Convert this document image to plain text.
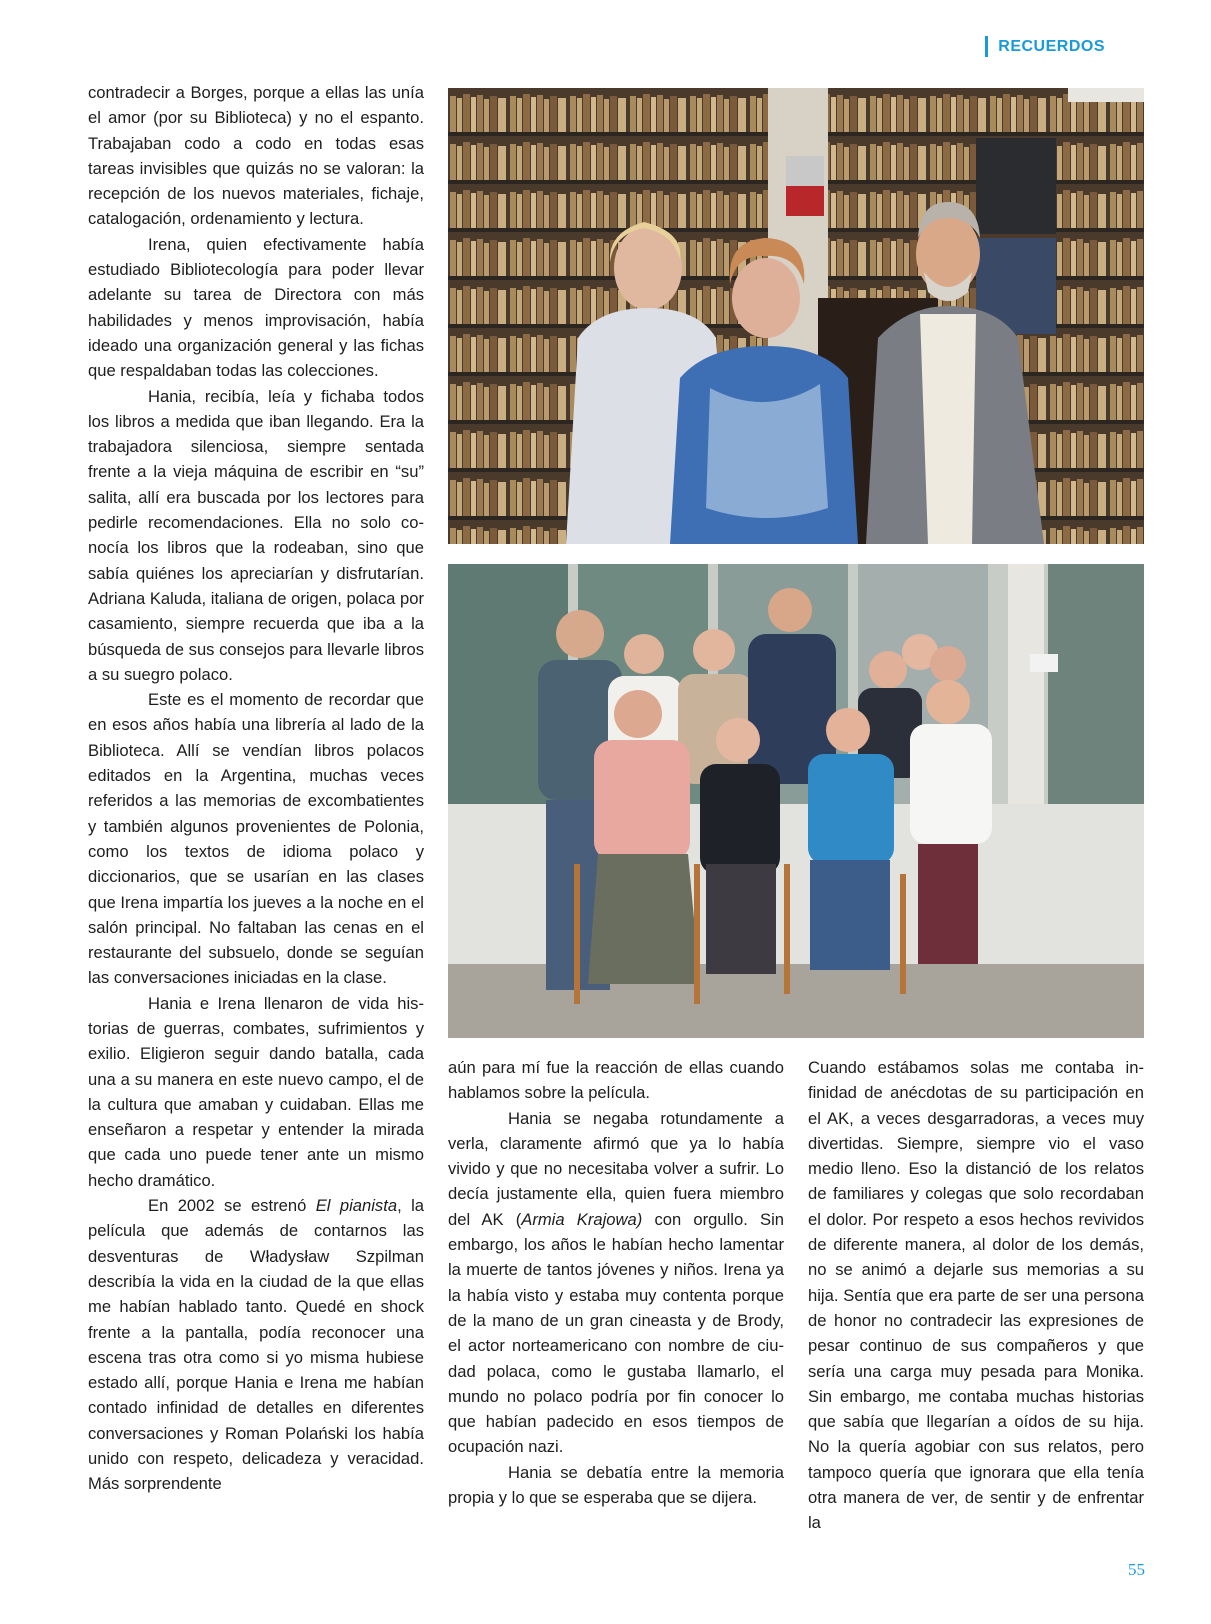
RECUERDOS

contradecir a Borges, porque a ellas las unía el amor (por su Biblioteca) y no el espanto. Trabajaban codo a codo en todas esas tareas invisibles que quizás no se valoran: la recepción de los nuevos materiales, fichaje, catalogación, ordenamiento y lectura.

Irena, quien efectivamente había estudiado Bibliotecología para poder llevar adelante su tarea de Directora con más habilidades y menos improvisación, había ideado una organización general y las fichas que respaldaban todas las colecciones.

Hania, recibía, leía y fichaba todos los libros a medida que iban llegando. Era la trabajadora silenciosa, siempre sentada frente a la vieja máquina de escribir en “su” salita, allí era buscada por los lectores para pedirle recomendaciones. Ella no solo conocía los libros que la rodeaban, sino que sabía quiénes los apreciarían y disfrutarían. Adriana Kaluda, italiana de origen, polaca por casamiento, siempre recuerda que iba a la búsqueda de sus consejos para llevarle libros a su suegro polaco.

Este es el momento de recordar que en esos años había una librería al lado de la Biblioteca. Allí se vendían libros polacos editados en la Argentina, muchas veces referidos a las memorias de excombatientes y también algunos provenientes de Polonia, como los textos de idioma polaco y diccionarios, que se usarían en las clases que Irena impartía los jueves a la noche en el salón principal. No faltaban las cenas en el restaurante del subsuelo, donde se seguían las conversaciones iniciadas en la clase.

Hania e Irena llenaron de vida historias de guerras, combates, sufrimientos y exilio. Eligieron seguir dando batalla, cada una a su manera en este nuevo campo, el de la cultura que amaban y cuidaban. Ellas me enseñaron a respetar y entender la mirada que cada uno puede tener ante un mismo hecho dramático.

En 2002 se estrenó El pianista, la película que además de contarnos las desventuras de Władysław Szpilman describía la vida en la ciudad de la que ellas me habían hablado tanto. Quedé en shock frente a la pantalla, podía reconocer una escena tras otra como si yo misma hubiese estado allí, porque Hania e Irena me habían contado infinidad de detalles en diferentes conversaciones y Roman Polański los había unido con respeto, delicadeza y veracidad. Más sorprendente

aún para mí fue la reacción de ellas cuando hablamos sobre la película.

Hania se negaba rotundamente a verla, claramente afirmó que ya lo había vivido y que no necesitaba volver a sufrir. Lo decía justamente ella, quien fuera miembro del AK (Armia Krajowa) con orgullo. Sin embargo, los años le habían hecho lamentar la muerte de tantos jóvenes y niños. Irena ya la había visto y estaba muy contenta porque de la mano de un gran cineasta y de Brody, el actor norteamericano con nombre de ciudad polaca, como le gustaba llamarlo, el mundo no polaco podría por fin conocer lo que habían padecido en esos tiempos de ocupación nazi.

Hania se debatía entre la memoria propia y lo que se esperaba que se dijera.

Cuando estábamos solas me contaba infinidad de anécdotas de su participación en el AK, a veces desgarradoras, a veces muy divertidas. Siempre, siempre vio el vaso medio lleno. Eso la distanció de los relatos de familiares y colegas que solo recordaban el dolor. Por respeto a esos hechos revividos de diferente manera, al dolor de los demás, no se animó a dejarle sus memorias a su hija. Sentía que era parte de ser una persona de honor no contradecir las expresiones de pesar continuo de sus compañeros y que sería una carga muy pesada para Monika. Sin embargo, me contaba muchas historias que sabía que llegarían a oídos de su hija. No la quería agobiar con sus relatos, pero tampoco quería que ignorara que ella tenía otra manera de ver, de sentir y de enfrentar la

55
